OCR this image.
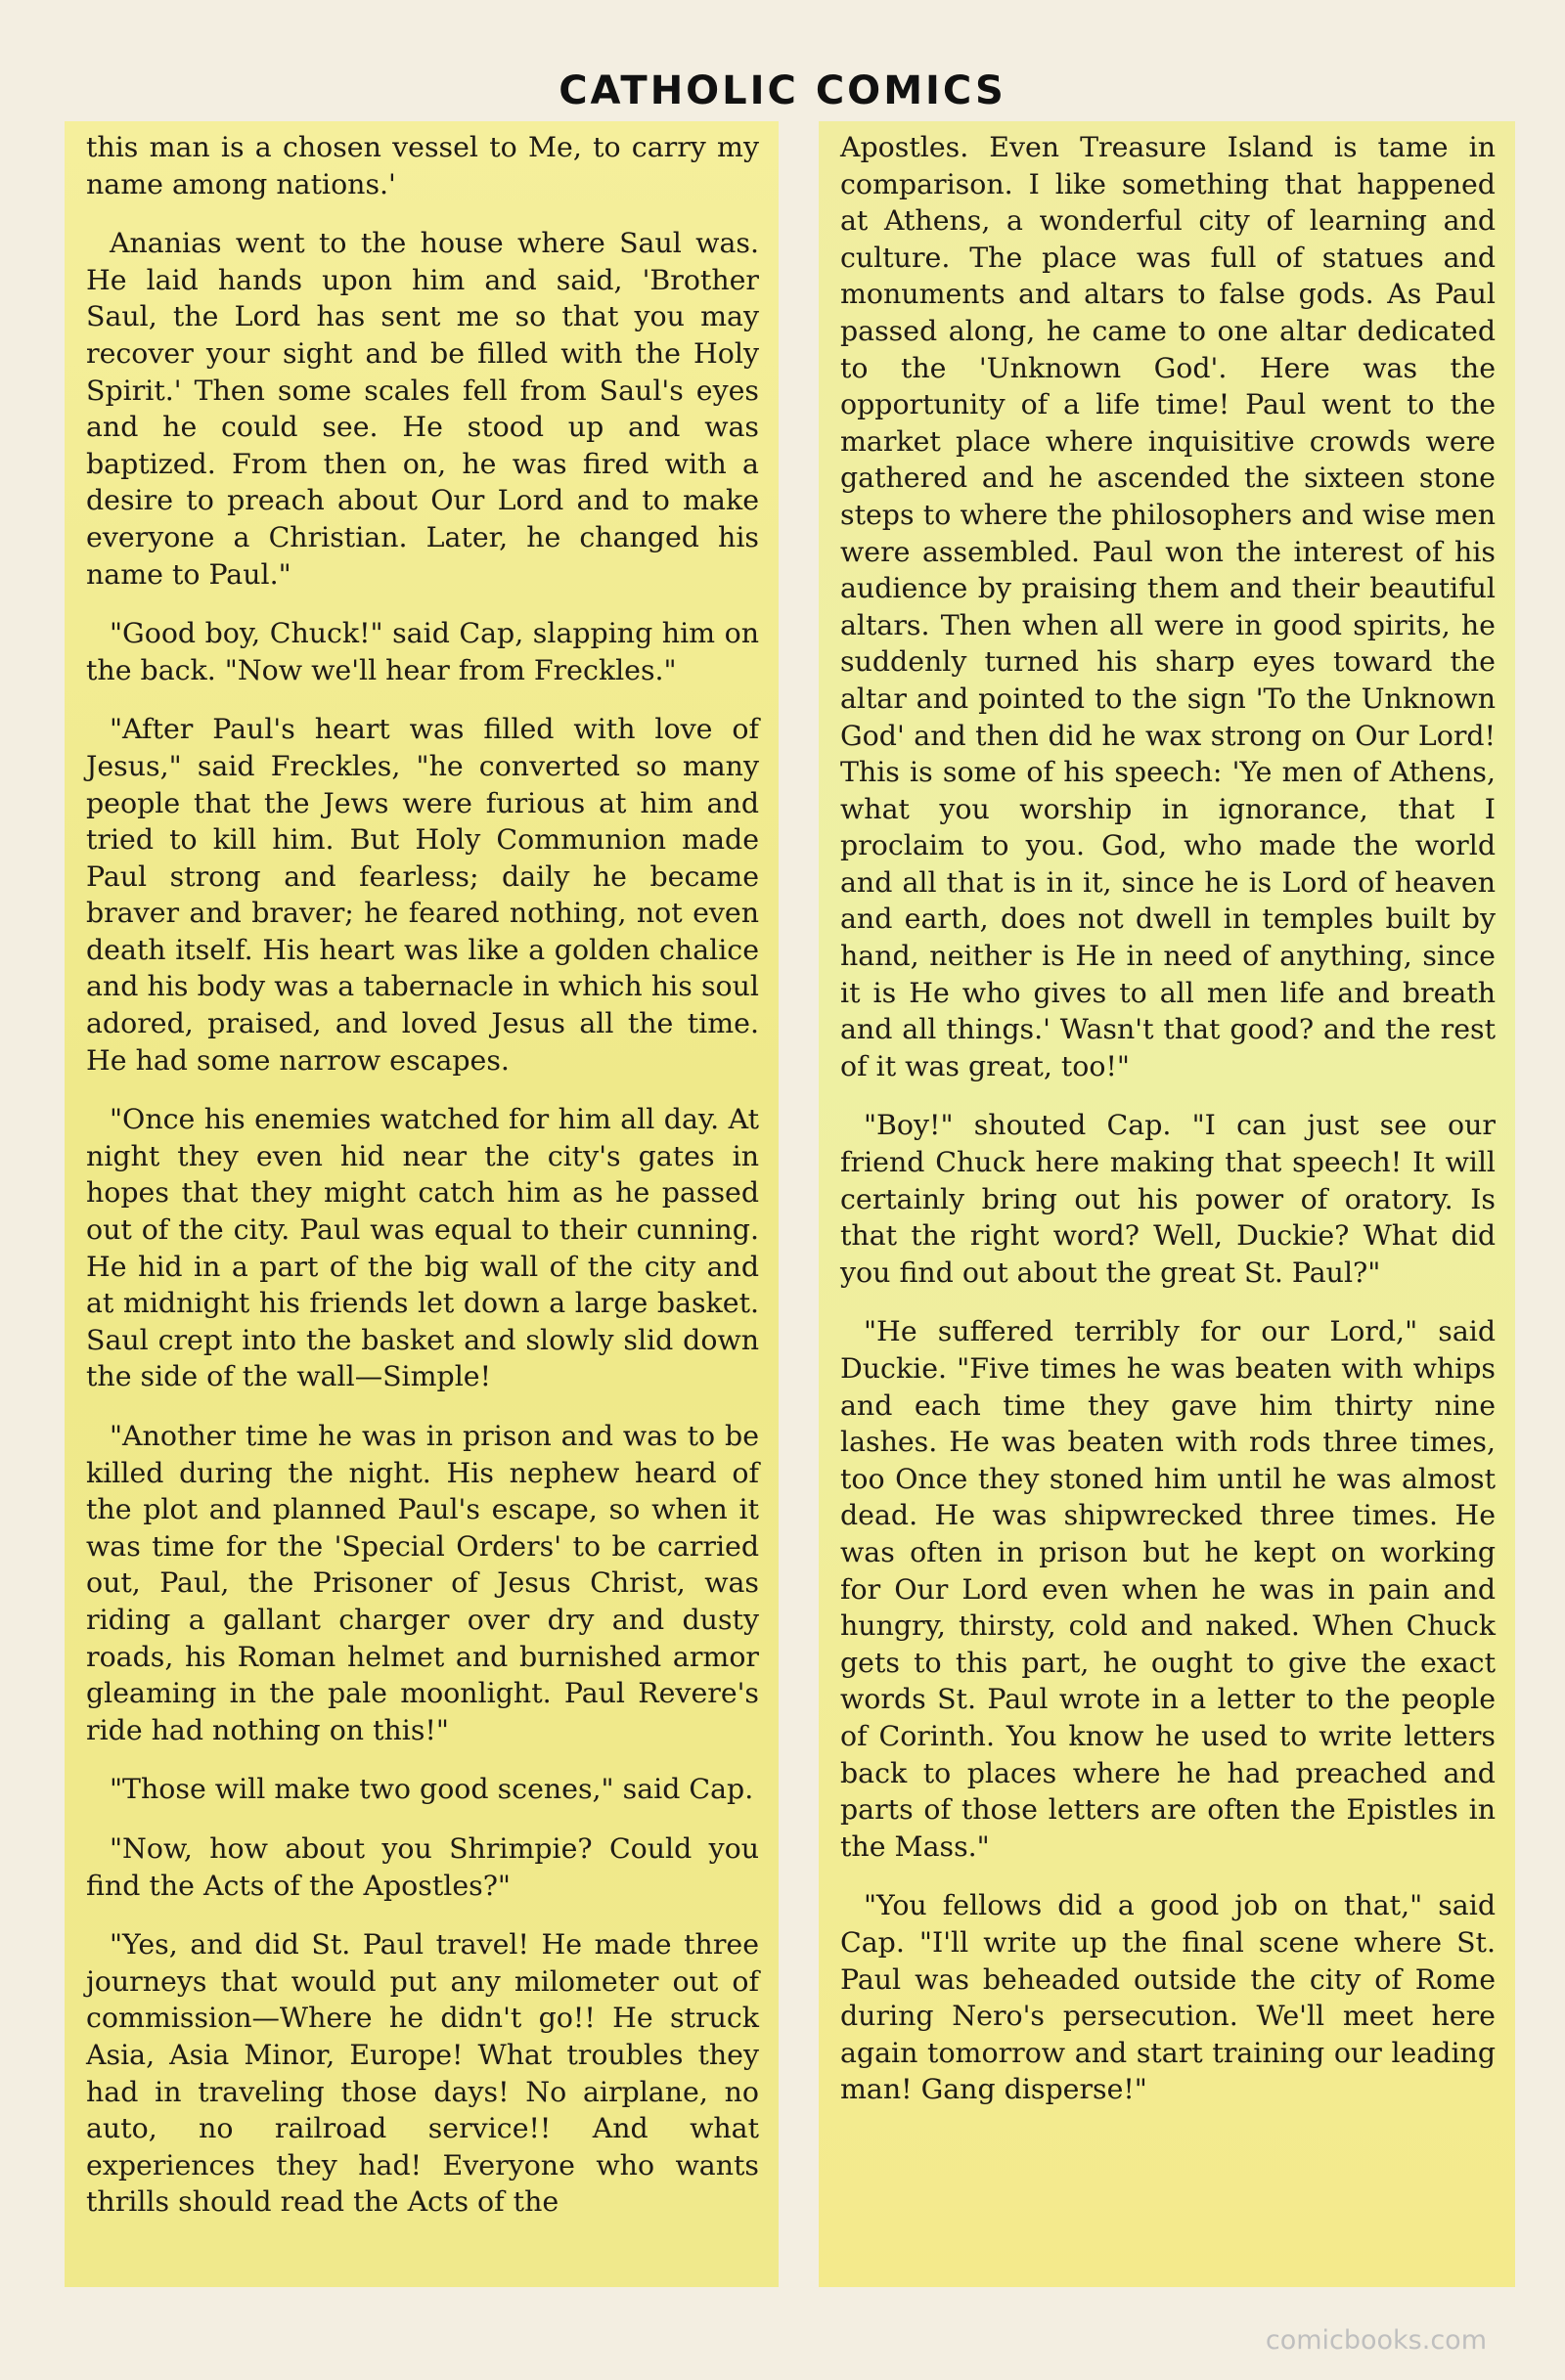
CATHOLIC COMICS

this man is a chosen vessel to Me, to carry my name among nations.'

Ananias went to the house where Saul was. He laid hands upon him and said, 'Brother Saul, the Lord has sent me so that you may recover your sight and be filled with the Holy Spirit.' Then some scales fell from Saul's eyes and he could see. He stood up and was baptized. From then on, he was fired with a desire to preach about Our Lord and to make everyone a Christian. Later, he changed his name to Paul."

"Good boy, Chuck!" said Cap, slapping him on the back. "Now we'll hear from Freckles."

"After Paul's heart was filled with love of Jesus," said Freckles, "he converted so many people that the Jews were furious at him and tried to kill him. But Holy Communion made Paul strong and fearless; daily he became braver and braver; he feared nothing, not even death itself. His heart was like a golden chalice and his body was a tabernacle in which his soul adored, praised, and loved Jesus all the time. He had some narrow escapes.

"Once his enemies watched for him all day. At night they even hid near the city's gates in hopes that they might catch him as he passed out of the city. Paul was equal to their cunning. He hid in a part of the big wall of the city and at midnight his friends let down a large basket. Saul crept into the basket and slowly slid down the side of the wall—Simple!

"Another time he was in prison and was to be killed during the night. His nephew heard of the plot and planned Paul's escape, so when it was time for the 'Special Orders' to be carried out, Paul, the Prisoner of Jesus Christ, was riding a gallant charger over dry and dusty roads, his Roman helmet and burnished armor gleaming in the pale moonlight. Paul Revere's ride had nothing on this!"

"Those will make two good scenes," said Cap.

"Now, how about you Shrimpie? Could you find the Acts of the Apostles?"

"Yes, and did St. Paul travel! He made three journeys that would put any milometer out of commission—Where he didn't go!! He struck Asia, Asia Minor, Europe! What troubles they had in traveling those days! No airplane, no auto, no railroad service!! And what experiences they had! Everyone who wants thrills should read the Acts of the

Apostles. Even Treasure Island is tame in comparison. I like something that happened at Athens, a wonderful city of learning and culture. The place was full of statues and monuments and altars to false gods. As Paul passed along, he came to one altar dedicated to the 'Unknown God'. Here was the opportunity of a life time! Paul went to the market place where inquisitive crowds were gathered and he ascended the sixteen stone steps to where the philosophers and wise men were assembled. Paul won the interest of his audience by praising them and their beautiful altars. Then when all were in good spirits, he suddenly turned his sharp eyes toward the altar and pointed to the sign 'To the Unknown God' and then did he wax strong on Our Lord! This is some of his speech: 'Ye men of Athens, what you worship in ignorance, that I proclaim to you. God, who made the world and all that is in it, since he is Lord of heaven and earth, does not dwell in temples built by hand, neither is He in need of anything, since it is He who gives to all men life and breath and all things.' Wasn't that good? and the rest of it was great, too!"

"Boy!" shouted Cap. "I can just see our friend Chuck here making that speech! It will certainly bring out his power of oratory. Is that the right word? Well, Duckie? What did you find out about the great St. Paul?"

"He suffered terribly for our Lord," said Duckie. "Five times he was beaten with whips and each time they gave him thirty nine lashes. He was beaten with rods three times, too Once they stoned him until he was almost dead. He was shipwrecked three times. He was often in prison but he kept on working for Our Lord even when he was in pain and hungry, thirsty, cold and naked. When Chuck gets to this part, he ought to give the exact words St. Paul wrote in a letter to the people of Corinth. You know he used to write letters back to places where he had preached and parts of those letters are often the Epistles in the Mass."

"You fellows did a good job on that," said Cap. "I'll write up the final scene where St. Paul was beheaded outside the city of Rome during Nero's persecution. We'll meet here again tomorrow and start training our leading man! Gang disperse!"

comicbooks.com
